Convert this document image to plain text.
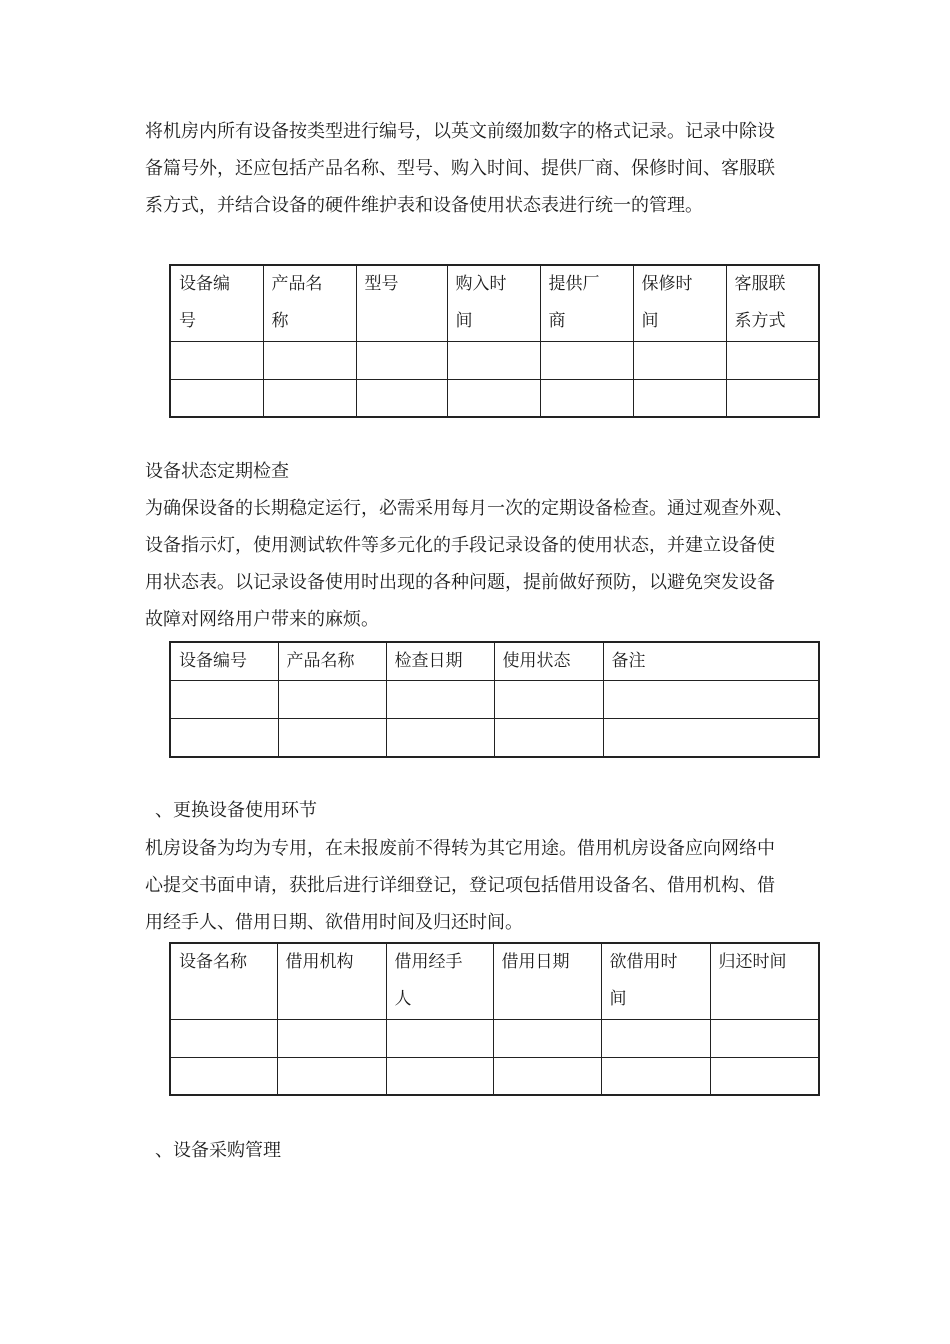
将机房内所有设备按类型进行编号，以英文前缀加数字的格式记录。记录中除设
备篇号外，还应包括产品名称、型号、购入时间、提供厂商、保修时间、客服联
系方式，并结合设备的硬件维护表和设备使用状态表进行统一的管理。
设备编
号	产品名
称	型号	购入时
间	提供厂
商	保修时
间	客服联
系方式

设备状态定期检查
为确保设备的长期稳定运行，必需采用每月一次的定期设备检查。通过观查外观、
设备指示灯，使用测试软件等多元化的手段记录设备的使用状态，并建立设备使
用状态表。以记录设备使用时出现的各种问题，提前做好预防，以避免突发设备
故障对网络用户带来的麻烦。
设备编号	产品名称	检查日期	使用状态	备注

、更换设备使用环节
机房设备为均为专用，在未报废前不得转为其它用途。借用机房设备应向网络中
心提交书面申请，获批后进行详细登记，登记项包括借用设备名、借用机构、借
用经手人、借用日期、欲借用时间及归还时间。
设备名称	借用机构	借用经手
人	借用日期	欲借用时
间	归还时间

、设备采购管理
